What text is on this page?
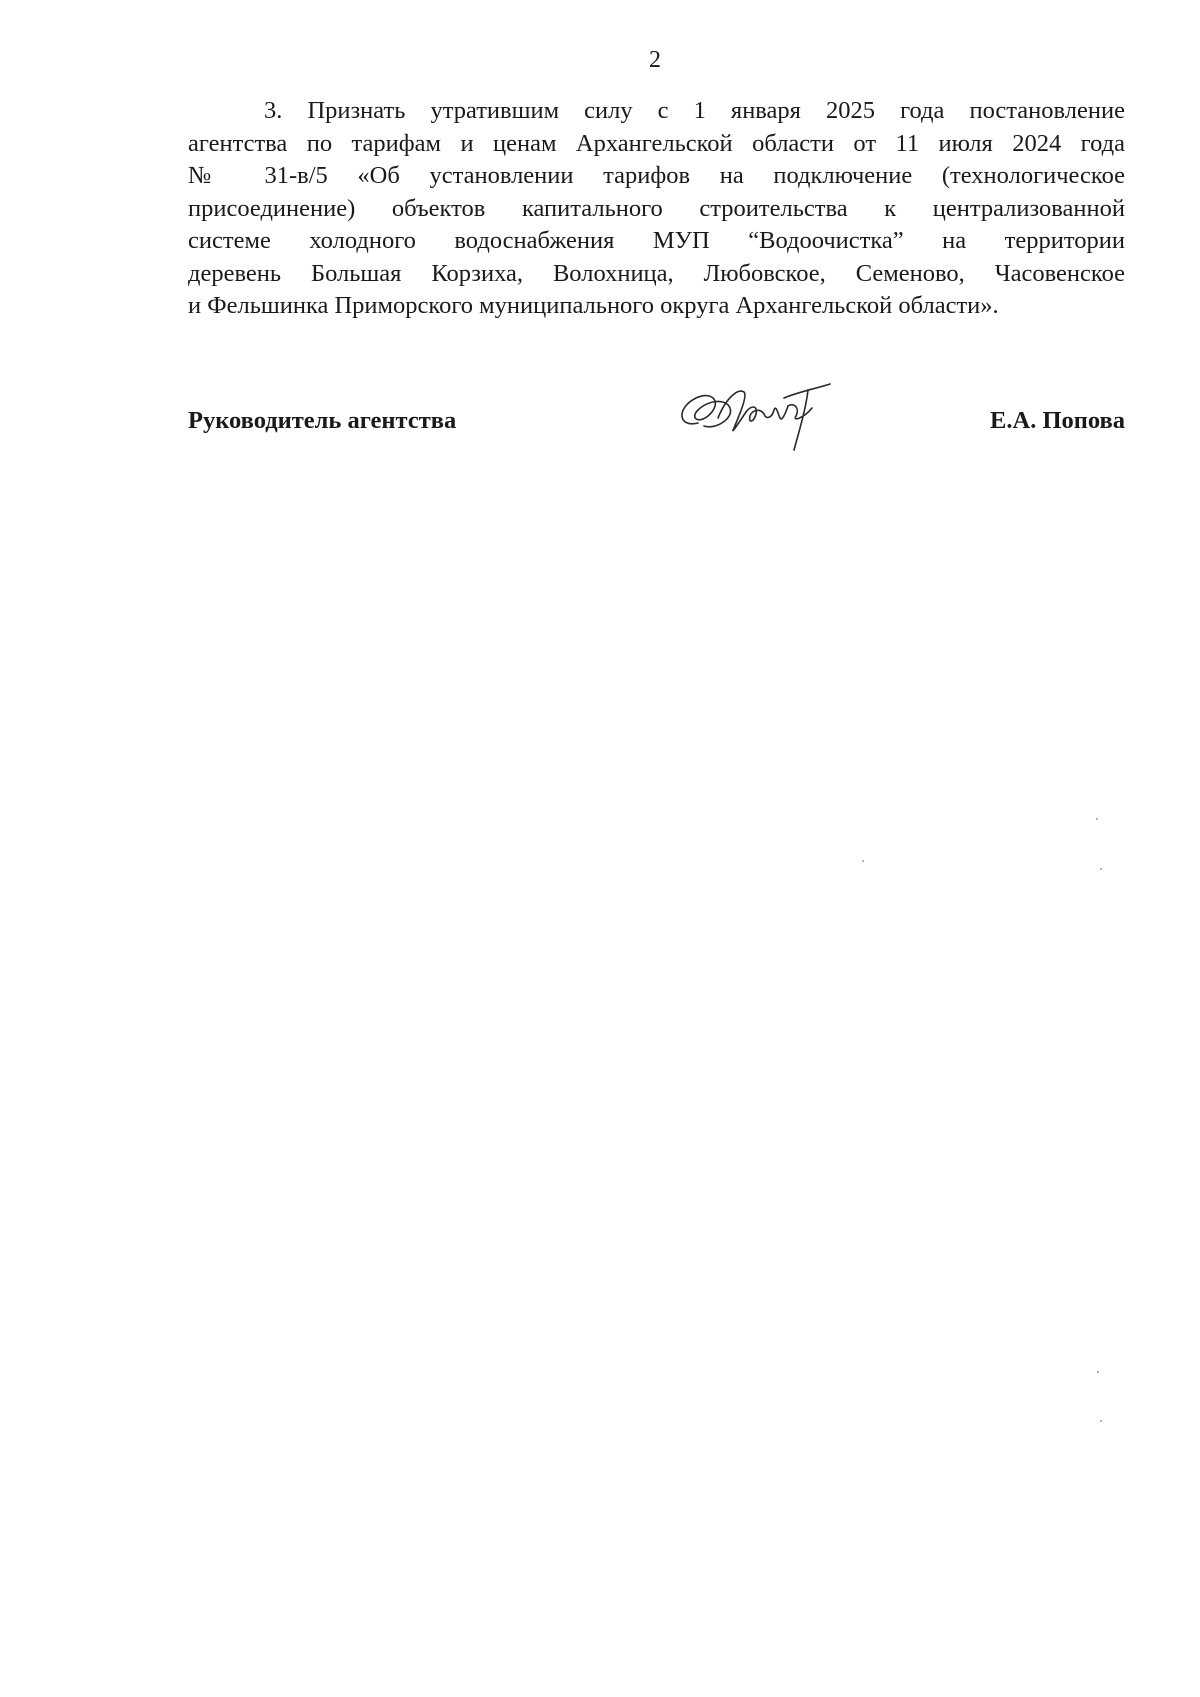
2
3. Признать утратившим силу с 1 января 2025 года постановление
агентства по тарифам и ценам Архангельской области от 11 июля 2024 года
№ 31-в/5 «Об установлении тарифов на подключение (технологическое
присоединение) объектов капитального строительства к централизованной
системе холодного водоснабжения МУП “Водоочистка” на территории
деревень Большая Корзиха, Волохница, Любовское, Семеново, Часовенское
и Фельшинка Приморского муниципального округа Архангельской области».
Руководитель агентства	Е.А. Попова
